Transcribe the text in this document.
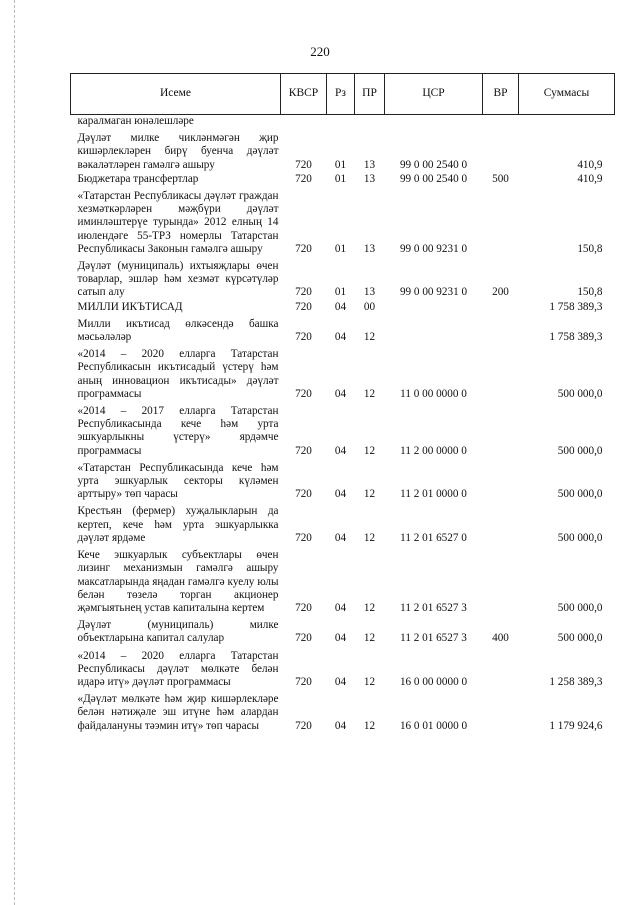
220
Исеме	КВСР	Рз	ПР	ЦСР	ВР	Суммасы
каралмаган юнәлешләре						
Дәүләт милке чикләнмәгән җир кишәрлекләрен бирү буенча дәүләт вәкаләтләрен гамәлгә ашыру	720	01	13	99 0 00 2540 0		410,9
Бюджетара трансфертлар	720	01	13	99 0 00 2540 0	500	410,9
«Татарстан Республикасы дәүләт граждан хезмәткәрләрен мәҗбүри дәүләт иминләштерүе турында» 2012 елның 14 июлендәге 55-ТРЗ номерлы Татарстан Республикасы Законын гамәлгә ашыру	720	01	13	99 0 00 9231 0		150,8
Дәүләт (муниципаль) ихтыяҗлары өчен товарлар, эшләр һәм хезмәт күрсәтүләр сатып алу	720	01	13	99 0 00 9231 0	200	150,8
МИЛЛИ ИКЪТИСАД	720	04	00			1 758 389,3
Милли икътисад өлкәсендә башка мәсьәләләр	720	04	12			1 758 389,3
«2014 – 2020 елларга Татарстан Республикасын икътисадый үстерү һәм аның инновацион икътисады» дәүләт программасы	720	04	12	11 0 00 0000 0		500 000,0
«2014 – 2017 елларга Татарстан Республикасында кече һәм урта эшкуарлыкны үстерү» ярдәмче программасы	720	04	12	11 2 00 0000 0		500 000,0
«Татарстан Республикасында кече һәм урта эшкуарлык секторы күләмен арттыру» төп чарасы	720	04	12	11 2 01 0000 0		500 000,0
Крестьян (фермер) хуҗалыкларын да кертеп, кече һәм урта эшкуарлыкка дәүләт ярдәме	720	04	12	11 2 01 6527 0		500 000,0
Кече эшкуарлык субъектлары өчен лизинг механизмын гамәлгә ашыру максатларында яңадан гамәлгә куелу юлы белән төзелә торган акционер җәмгыятьнең устав капиталына кертем	720	04	12	11 2 01 6527 3		500 000,0
Дәүләт (муниципаль) милке объектларына капитал салулар	720	04	12	11 2 01 6527 3	400	500 000,0
«2014 – 2020 елларга Татарстан Республикасы дәүләт мөлкәте белән идарә итү» дәүләт программасы	720	04	12	16 0 00 0000 0		1 258 389,3
«Дәүләт мөлкәте һәм җир кишәрлекләре белән нәтиҗәле эш итүне һәм алардан файдалануны тәэмин итү» төп чарасы	720	04	12	16 0 01 0000 0		1 179 924,6
